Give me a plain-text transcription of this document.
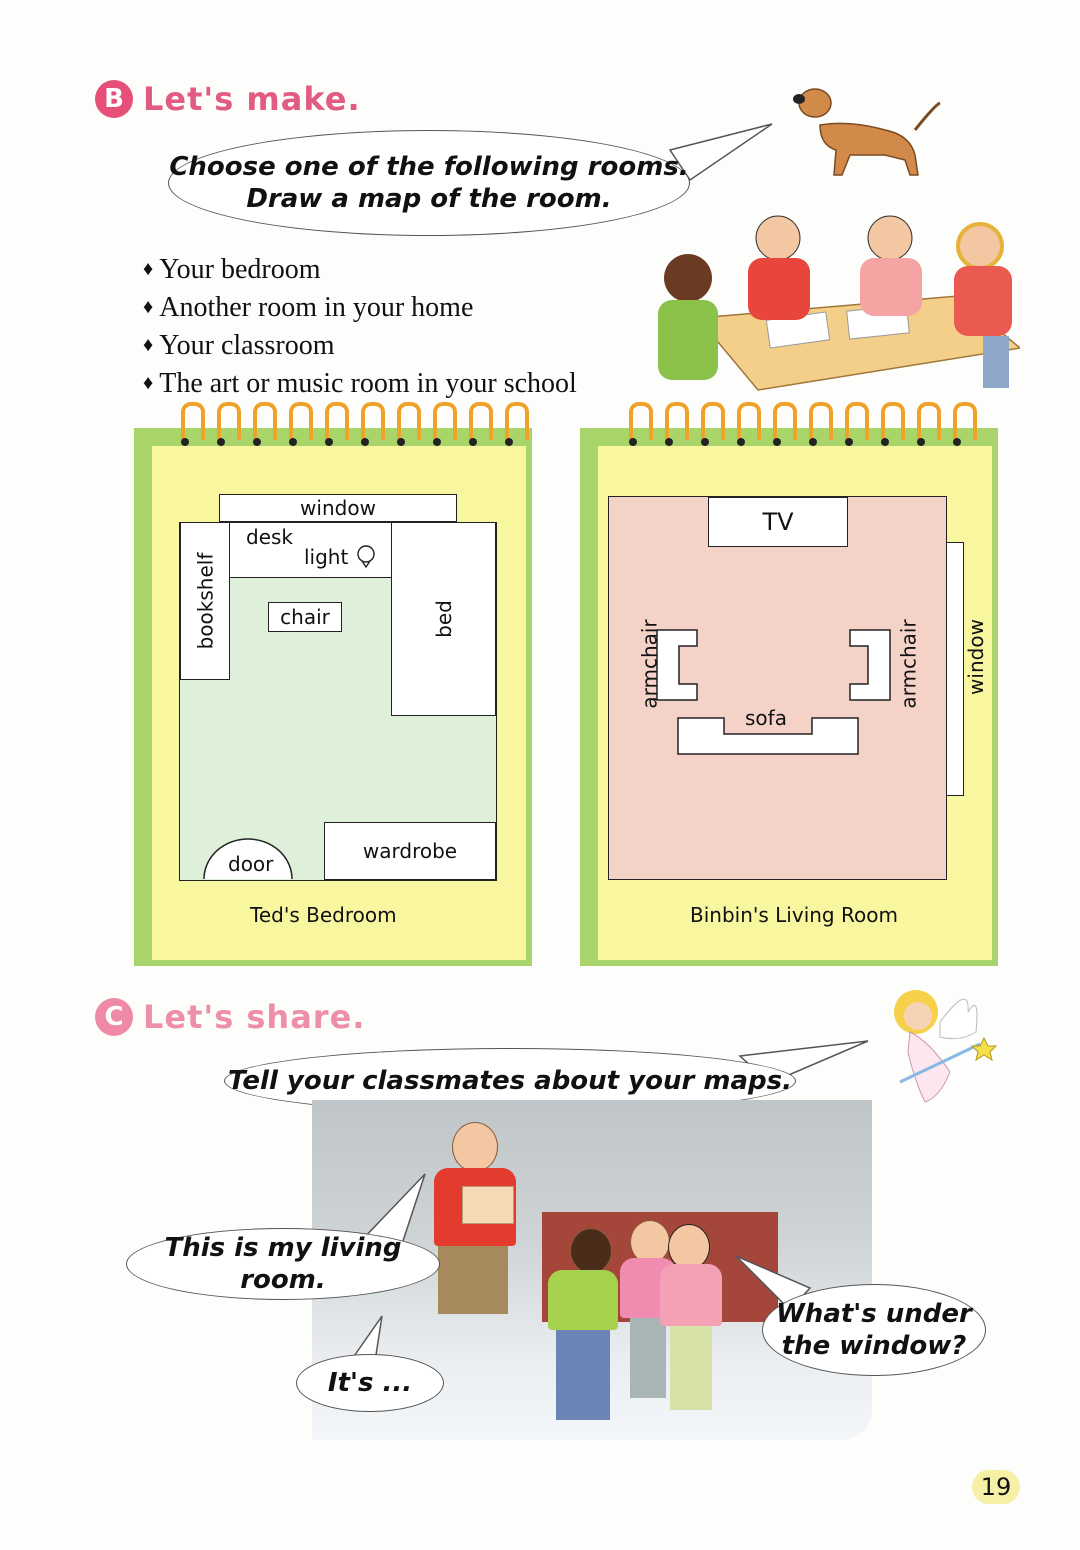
B Let's make.
Choose one of the following rooms.
Draw a map of the room.
♦ Your bedroom
♦ Another room in your home
♦ Your classroom
♦ The art or music room in your school
window
desk
light
bookshelf	chair	bed
wardrobe
door
Ted's Bedroom
TV
window
armchair	armchair
sofa
Binbin's Living Room
C Let's share.
Tell your classmates about your maps.
This is my living room.
What's under
the window?
It's ...
19
